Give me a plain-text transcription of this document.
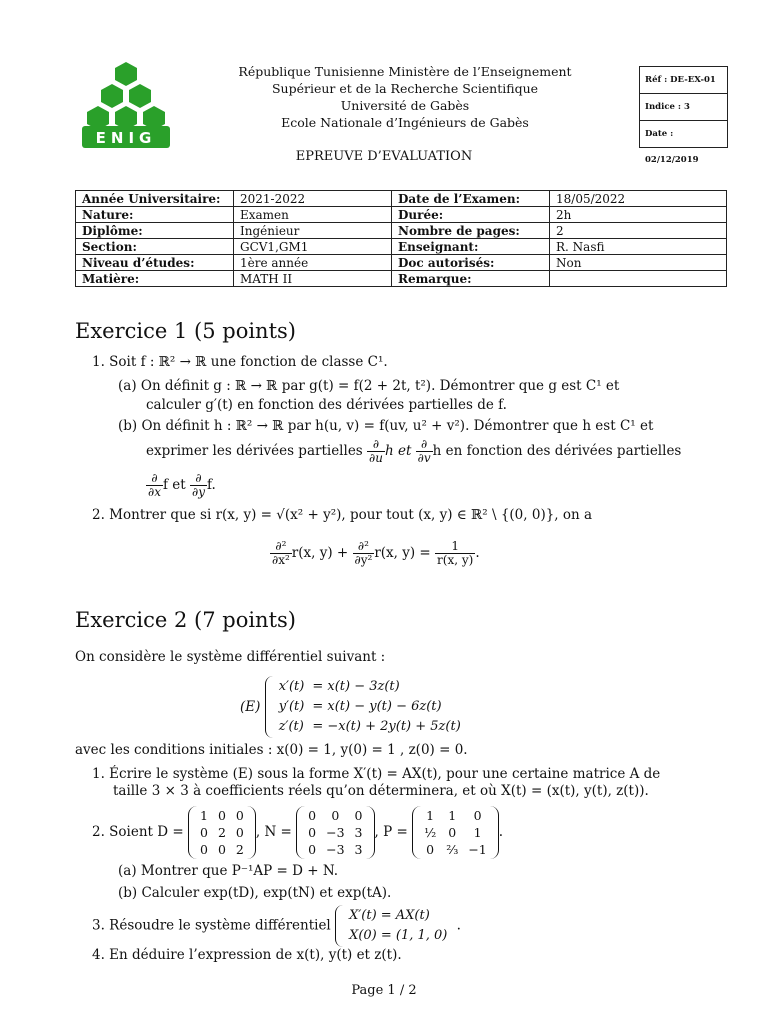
ENIG
République Tunisienne Ministère de l’Enseignement
Supérieur et de la Recherche Scientifique
Université de Gabès
Ecole Nationale d’Ingénieurs de Gabès
Réf : DE-EX-01
Indice : 3
Date : 02/12/2019
EPREUVE D’EVALUATION
Année Universitaire:	2021-2022	Date de l’Examen:	18/05/2022
Nature:	Examen	Durée:	2h
Diplôme:	Ingénieur	Nombre de pages:	2
Section:	GCV1,GM1	Enseignant:	R. Nasfi
Niveau d’études:	1ère année	Doc autorisés:	Non
Matière:	MATH II	Remarque:	
Exercice 1 (5 points)
1. Soit f : ℝ² → ℝ une fonction de classe C¹.
(a) On définit g : ℝ → ℝ par g(t) = f(2 + 2t, t²). Démontrer que g est C¹ et
calculer g′(t) en fonction des dérivées partielles de f.
(b) On définit h : ℝ² → ℝ par h(u, v) = f(uv, u² + v²). Démontrer que h est C¹ et
exprimer les dérivées partielles $\frac{\partial}{\partial u}$ h et $\frac{\partial}{\partial v}$ h en fonction des dérivées partielles
$\frac{\partial}{\partial x}$ f et $\frac{\partial}{\partial y} f$.
2. Montrer que si r(x, y) = √(x² + y²), pour tout (x, y) ∈ ℝ² \ {(0, 0)}, on a
$\frac{\text{∂²}}{\text{∂x²}} r(x$, $y) + \frac{\text{∂²}}{\text{∂y²}} r(x$, $y) = \frac{1}{r(x, y)}$ .
Exercice 2 (7 points)
On considère le système différentiel suivant :
(E)
x′(t)	= x(t) − 3z(t)
y′(t)	= x(t) − y(t) − 6z(t)
z′(t)	= −x(t) + 2y(t) + 5z(t)
avec les conditions initiales : x(0) = 1, y(0) = 1 , z(0) = 0.
1. Écrire le système (E) sous la forme X′(t) = AX(t), pour une certaine matrice A de
taille 3 × 3 à coefficients réels qu’on déterminera, et où X(t) = (x(t), y(t), z(t)).
2. Soient D =
1	0	0
0	2	0
0	0	2
, N =
0	0	0
0	−3	3
0	−3	3
, P =
1	1	0
½	0	1
0	⅔	−1
.
(a) Montrer que P⁻¹AP = D + N.
(b) Calculer exp(tD), exp(tN) et exp(tA).
3. Résoudre le système différentiel
X′(t) = AX(t)
X(0) = (1, 1, 0)
.
4. En déduire l’expression de x(t), y(t) et z(t).
Page 1 / 2
